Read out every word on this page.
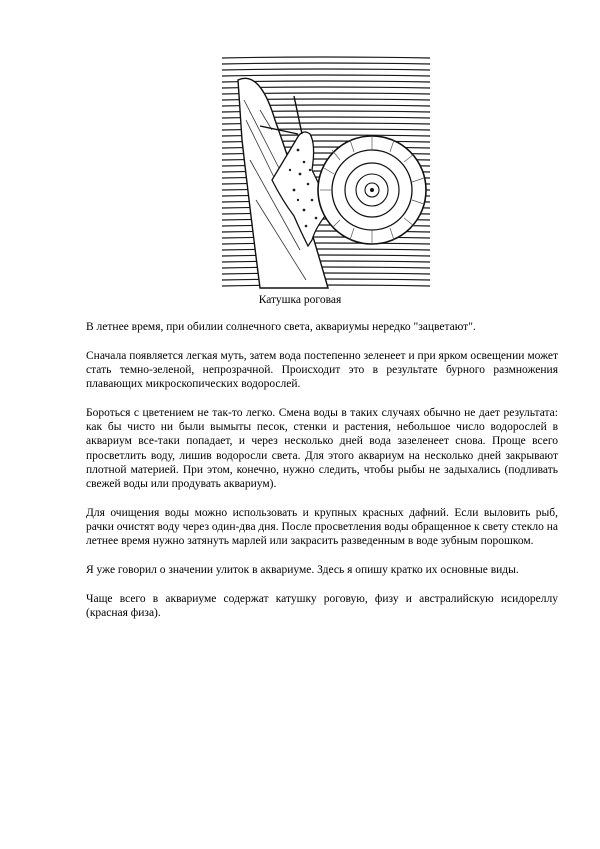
Катушка роговая

В летнее время, при обилии солнечного света, аквариумы нередко "зацветают".

Сначала появляется легкая муть, затем вода постепенно зеленеет и при ярком освещении может стать темно-зеленой, непрозрачной. Происходит это в результате бурного размножения плавающих микроскопических водорослей.

Бороться с цветением не так-то легко. Смена воды в таких случаях обычно не дает результата: как бы чисто ни были вымыты песок, стенки и растения, небольшое число водорослей в аквариум все-таки попадает, и через несколько дней вода зазеленеет снова. Проще всего просветлить воду, лишив водоросли света. Для этого аквариум на несколько дней закрывают плотной материей. При этом, конечно, нужно следить, чтобы рыбы не задыхались (подливать свежей воды или продувать аквариум).

Для очищения воды можно использовать и крупных красных дафний. Если выловить рыб, рачки очистят воду через один-два дня. После просветления воды обращенное к свету стекло на летнее время нужно затянуть марлей или закрасить разведенным в воде зубным порошком.

Я уже говорил о значении улиток в аквариуме. Здесь я опишу кратко их основные виды.

Чаще всего в аквариуме содержат катушку роговую, физу и австралийскую исидореллу (красная физа).
